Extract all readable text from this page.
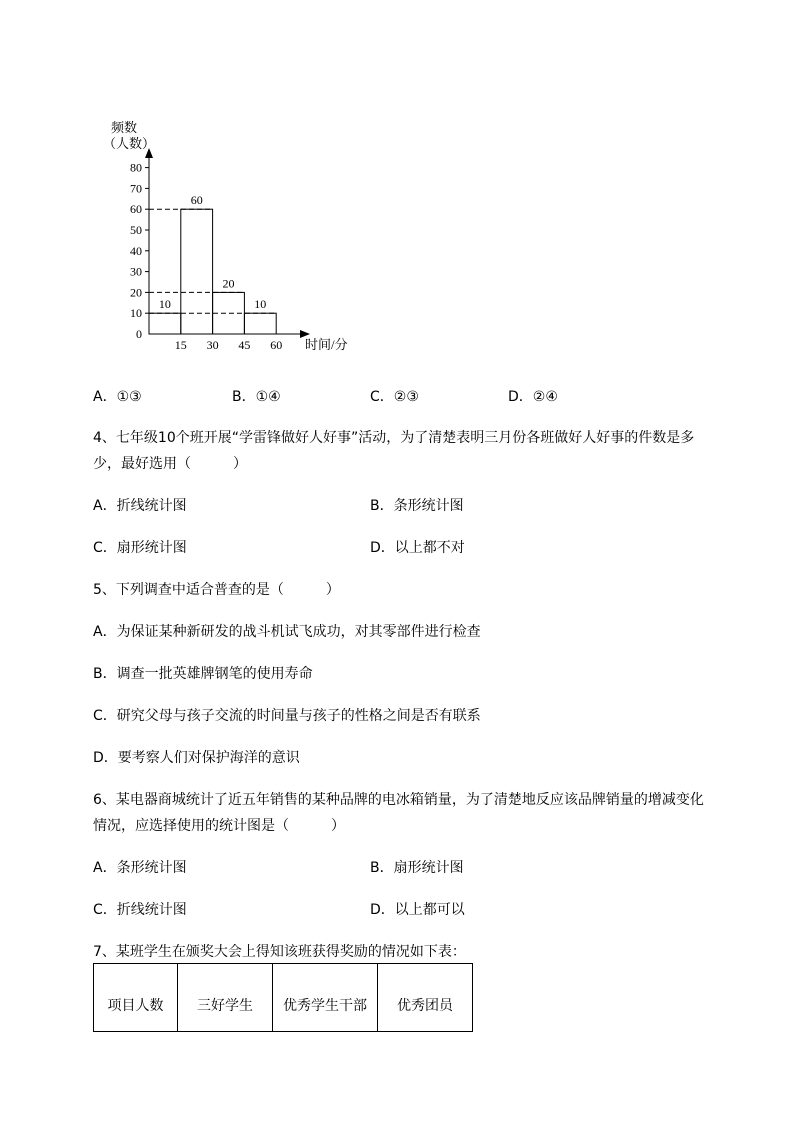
0
10
20
30
40
50
60
70
80
15 30 45 60
10
60
20
10
频数
（人数）
时间/分
A．①③	B．①④	C．②③	D．②④
4、七年级10个班开展“学雷锋做好人好事”活动，为了清楚表明三月份各班做好人好事的件数是多
少，最好选用（　　　）
A．折线统计图	B．条形统计图
C．扇形统计图	D．以上都不对
5、下列调查中适合普查的是（　　　）
A．为保证某种新研发的战斗机试飞成功，对其零部件进行检查
B．调查一批英雄牌钢笔的使用寿命
C．研究父母与孩子交流的时间量与孩子的性格之间是否有联系
D．要考察人们对保护海洋的意识
6、某电器商城统计了近五年销售的某种品牌的电冰箱销量，为了清楚地反应该品牌销量的增减变化
情况，应选择使用的统计图是（　　　）
A．条形统计图	B．扇形统计图
C．折线统计图	D．以上都可以
7、某班学生在颁奖大会上得知该班获得奖励的情况如下表：
项目人数	三好学生	优秀学生干部	优秀团员
